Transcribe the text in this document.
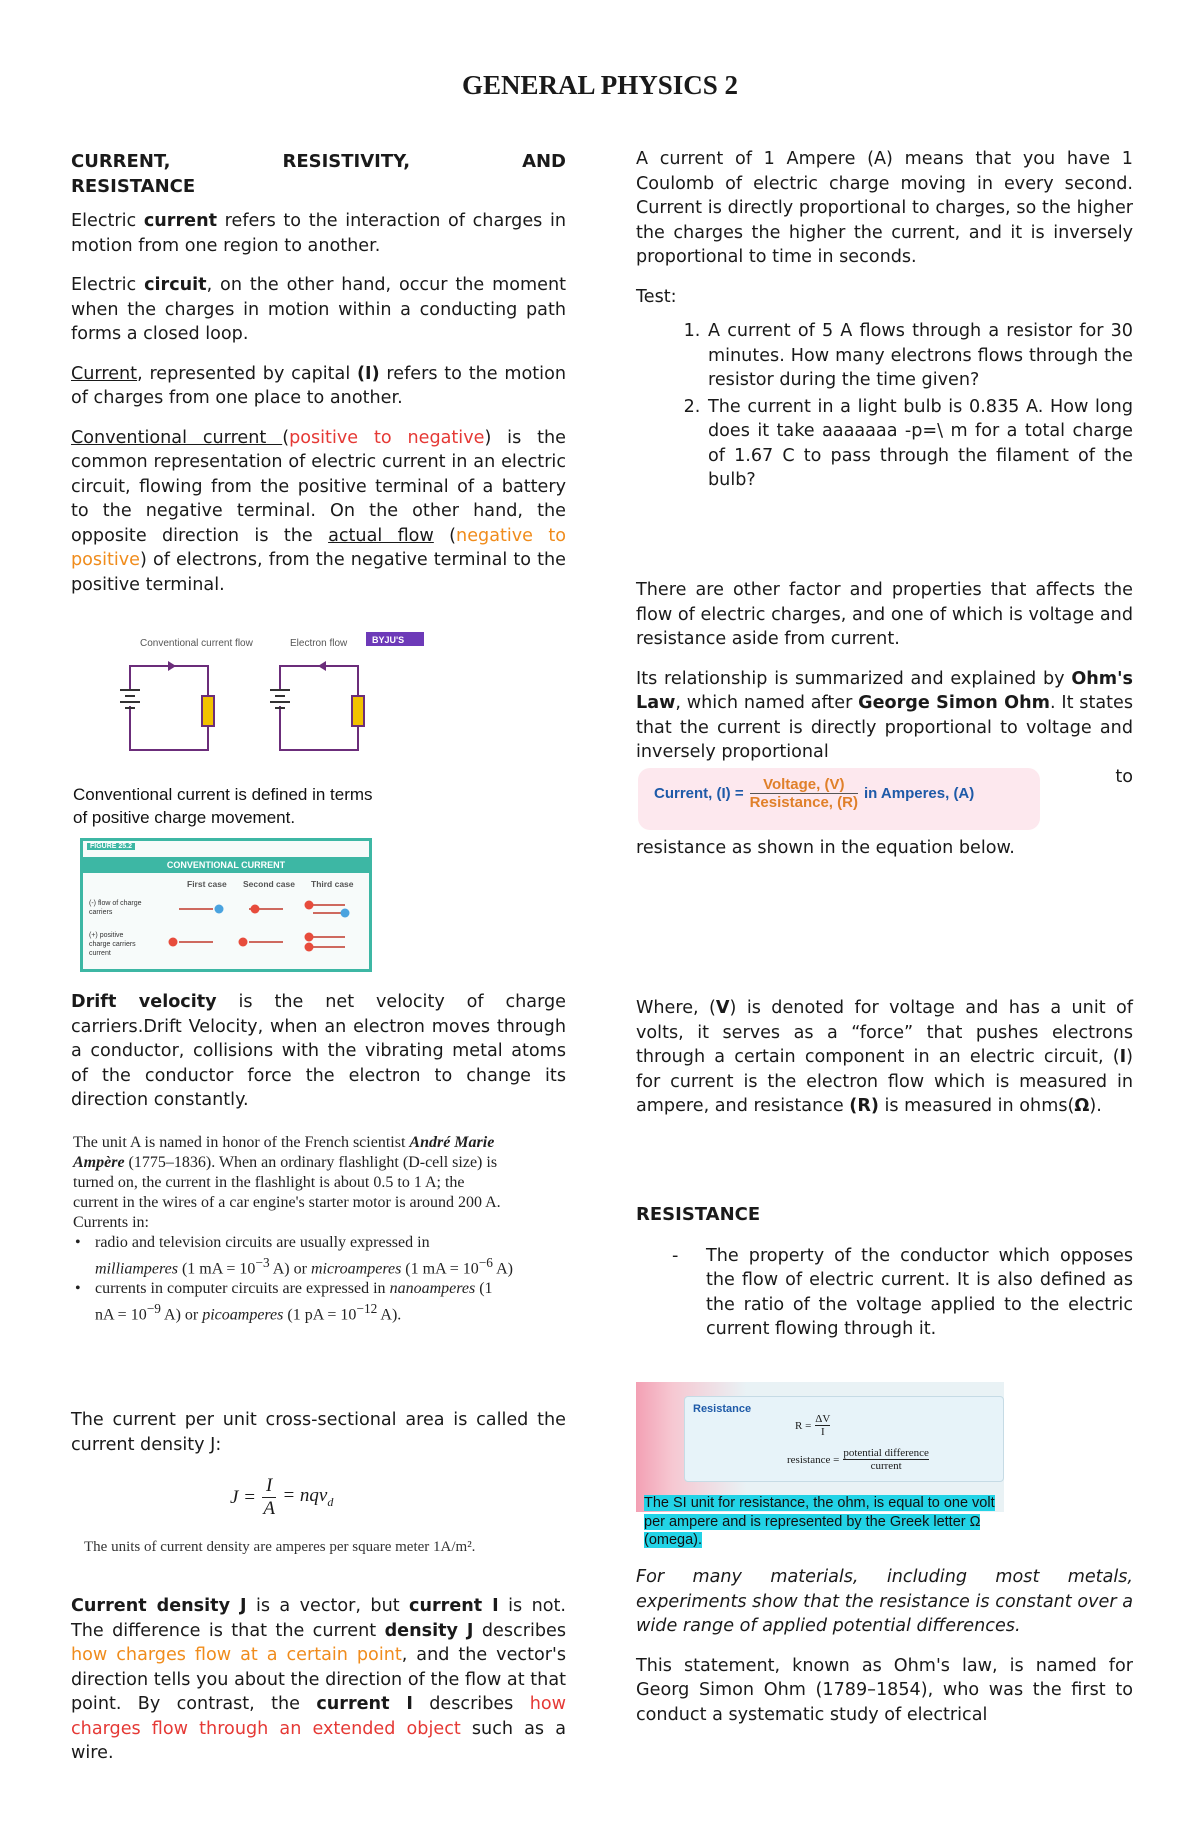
GENERAL PHYSICS 2
CURRENT,	RESISTIVITY,	AND
RESISTANCE
Electric current refers to the interaction of charges in motion from one region to another.
Electric circuit, on the other hand, occur the moment when the charges in motion within a conducting path forms a closed loop.
Current, represented by capital (I) refers to the motion of charges from one place to another.
Conventional current (positive to negative) is the common representation of electric current in an electric circuit, flowing from the positive terminal of a battery to the negative terminal. On the other hand, the opposite direction is the actual flow (negative to positive) of electrons, from the negative terminal to the positive terminal.
Conventional current flow	Electron flow	BYJU'S
Conventional current is defined in terms of positive charge movement.
FIGURE 25.2
CONVENTIONAL CURRENT
First case Second case Third case
(-) flow of charge carriers
(+) positive charge carriers current
Drift velocity is the net velocity of charge carriers.Drift Velocity, when an electron moves through a conductor, collisions with the vibrating metal atoms of the conductor force the electron to change its direction constantly.
The unit A is named in honor of the French scientist André Marie Ampère (1775–1836). When an ordinary flashlight (D-cell size) is turned on, the current in the flashlight is about 0.5 to 1 A; the current in the wires of a car engine's starter motor is around 200 A.
Currents in:
• radio and television circuits are usually expressed in milliamperes (1 mA = $10^{-3}$ A) or microamperes (1 mA = $10^{-6}$ A)
• currents in computer circuits are expressed in nanoamperes (1 nA = $10^{-9}$ A) or picoamperes (1 pA = $10^{-12}$ A).
The current per unit cross-sectional area is called the current density J:
J =	
I
A
	= nqv$_d$
The units of current density are amperes per square meter 1A/m².
Current density J is a vector, but current I is not. The difference is that the current density J describes how charges flow at a certain point, and the vector's direction tells you about the direction of the flow at that point. By contrast, the current I describes how charges flow through an extended object such as a wire.
A current of 1 Ampere (A) means that you have 1 Coulomb of electric charge moving in every second. Current is directly proportional to charges, so the higher the charges the higher the current, and it is inversely proportional to time in seconds.
Test:
1. A current of 5 A flows through a resistor for 30 minutes. How many electrons flows through the resistor during the time given?
2. The current in a light bulb is 0.835 A. How long does it take aaaaaaa -p=\ m for a total charge of 1.67 C to pass through the filament of the bulb?
There are other factor and properties that affects the flow of electric charges, and one of which is voltage and resistance aside from current.
Its relationship is summarized and explained by Ohm's Law, which named after George Simon Ohm. It states that the current is directly proportional to voltage and inversely proportional
to
Current, (I) =	
Voltage, (V)
Resistance, (R)
	in Amperes, (A)
resistance as shown in the equation below.
Where, (V) is denoted for voltage and has a unit of volts, it serves as a “force” that pushes electrons through a certain component in an electric circuit, (I) for current is the electron flow which is measured in ampere, and resistance (R) is measured in ohms(Ω).
RESISTANCE
- The property of the conductor which opposes the flow of electric current. It is also defined as the ratio of the voltage applied to the electric current flowing through it.
Resistance
R =	
ΔV
I
resistance =	
potential difference
current
The SI unit for resistance, the ohm, is equal to one volt per ampere and is represented by the Greek letter Ω (omega).
For many materials, including most metals, experiments show that the resistance is constant over a wide range of applied potential differences.
This statement, known as Ohm's law, is named for Georg Simon Ohm (1789–1854), who was the first to conduct a systematic study of electrical
